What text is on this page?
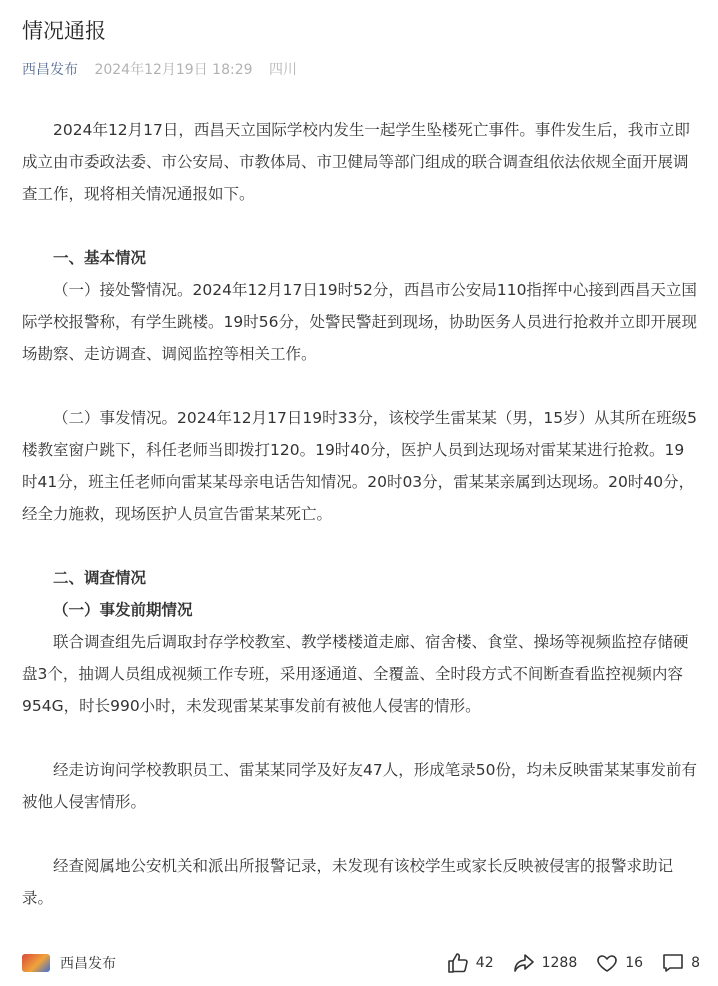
情况通报
西昌发布 2024年12月19日 18:29 四川

2024年12月17日，西昌天立国际学校内发生一起学生坠楼死亡事件。事件发生后，我市立即成立由市委政法委、市公安局、市教体局、市卫健局等部门组成的联合调查组依法依规全面开展调查工作，现将相关情况通报如下。

一、基本情况

（一）接处警情况。2024年12月17日19时52分，西昌市公安局110指挥中心接到西昌天立国际学校报警称，有学生跳楼。19时56分，处警民警赶到现场，协助医务人员进行抢救并立即开展现场勘察、走访调查、调阅监控等相关工作。

（二）事发情况。2024年12月17日19时33分，该校学生雷某某（男，15岁）从其所在班级5楼教室窗户跳下，科任老师当即拨打120。19时40分，医护人员到达现场对雷某某进行抢救。19时41分，班主任老师向雷某某母亲电话告知情况。20时03分，雷某某亲属到达现场。20时40分，经全力施救，现场医护人员宣告雷某某死亡。

二、调查情况

（一）事发前期情况

联合调查组先后调取封存学校教室、教学楼楼道走廊、宿舍楼、食堂、操场等视频监控存储硬盘3个，抽调人员组成视频工作专班，采用逐通道、全覆盖、全时段方式不间断查看监控视频内容954G，时长990小时，未发现雷某某事发前有被他人侵害的情形。

经走访询问学校教职员工、雷某某同学及好友47人，形成笔录50份，均未反映雷某某事发前有被他人侵害情形。

经查阅属地公安机关和派出所报警记录，未发现有该校学生或家长反映被侵害的报警求助记录。

西昌发布	42	1288	16	8
